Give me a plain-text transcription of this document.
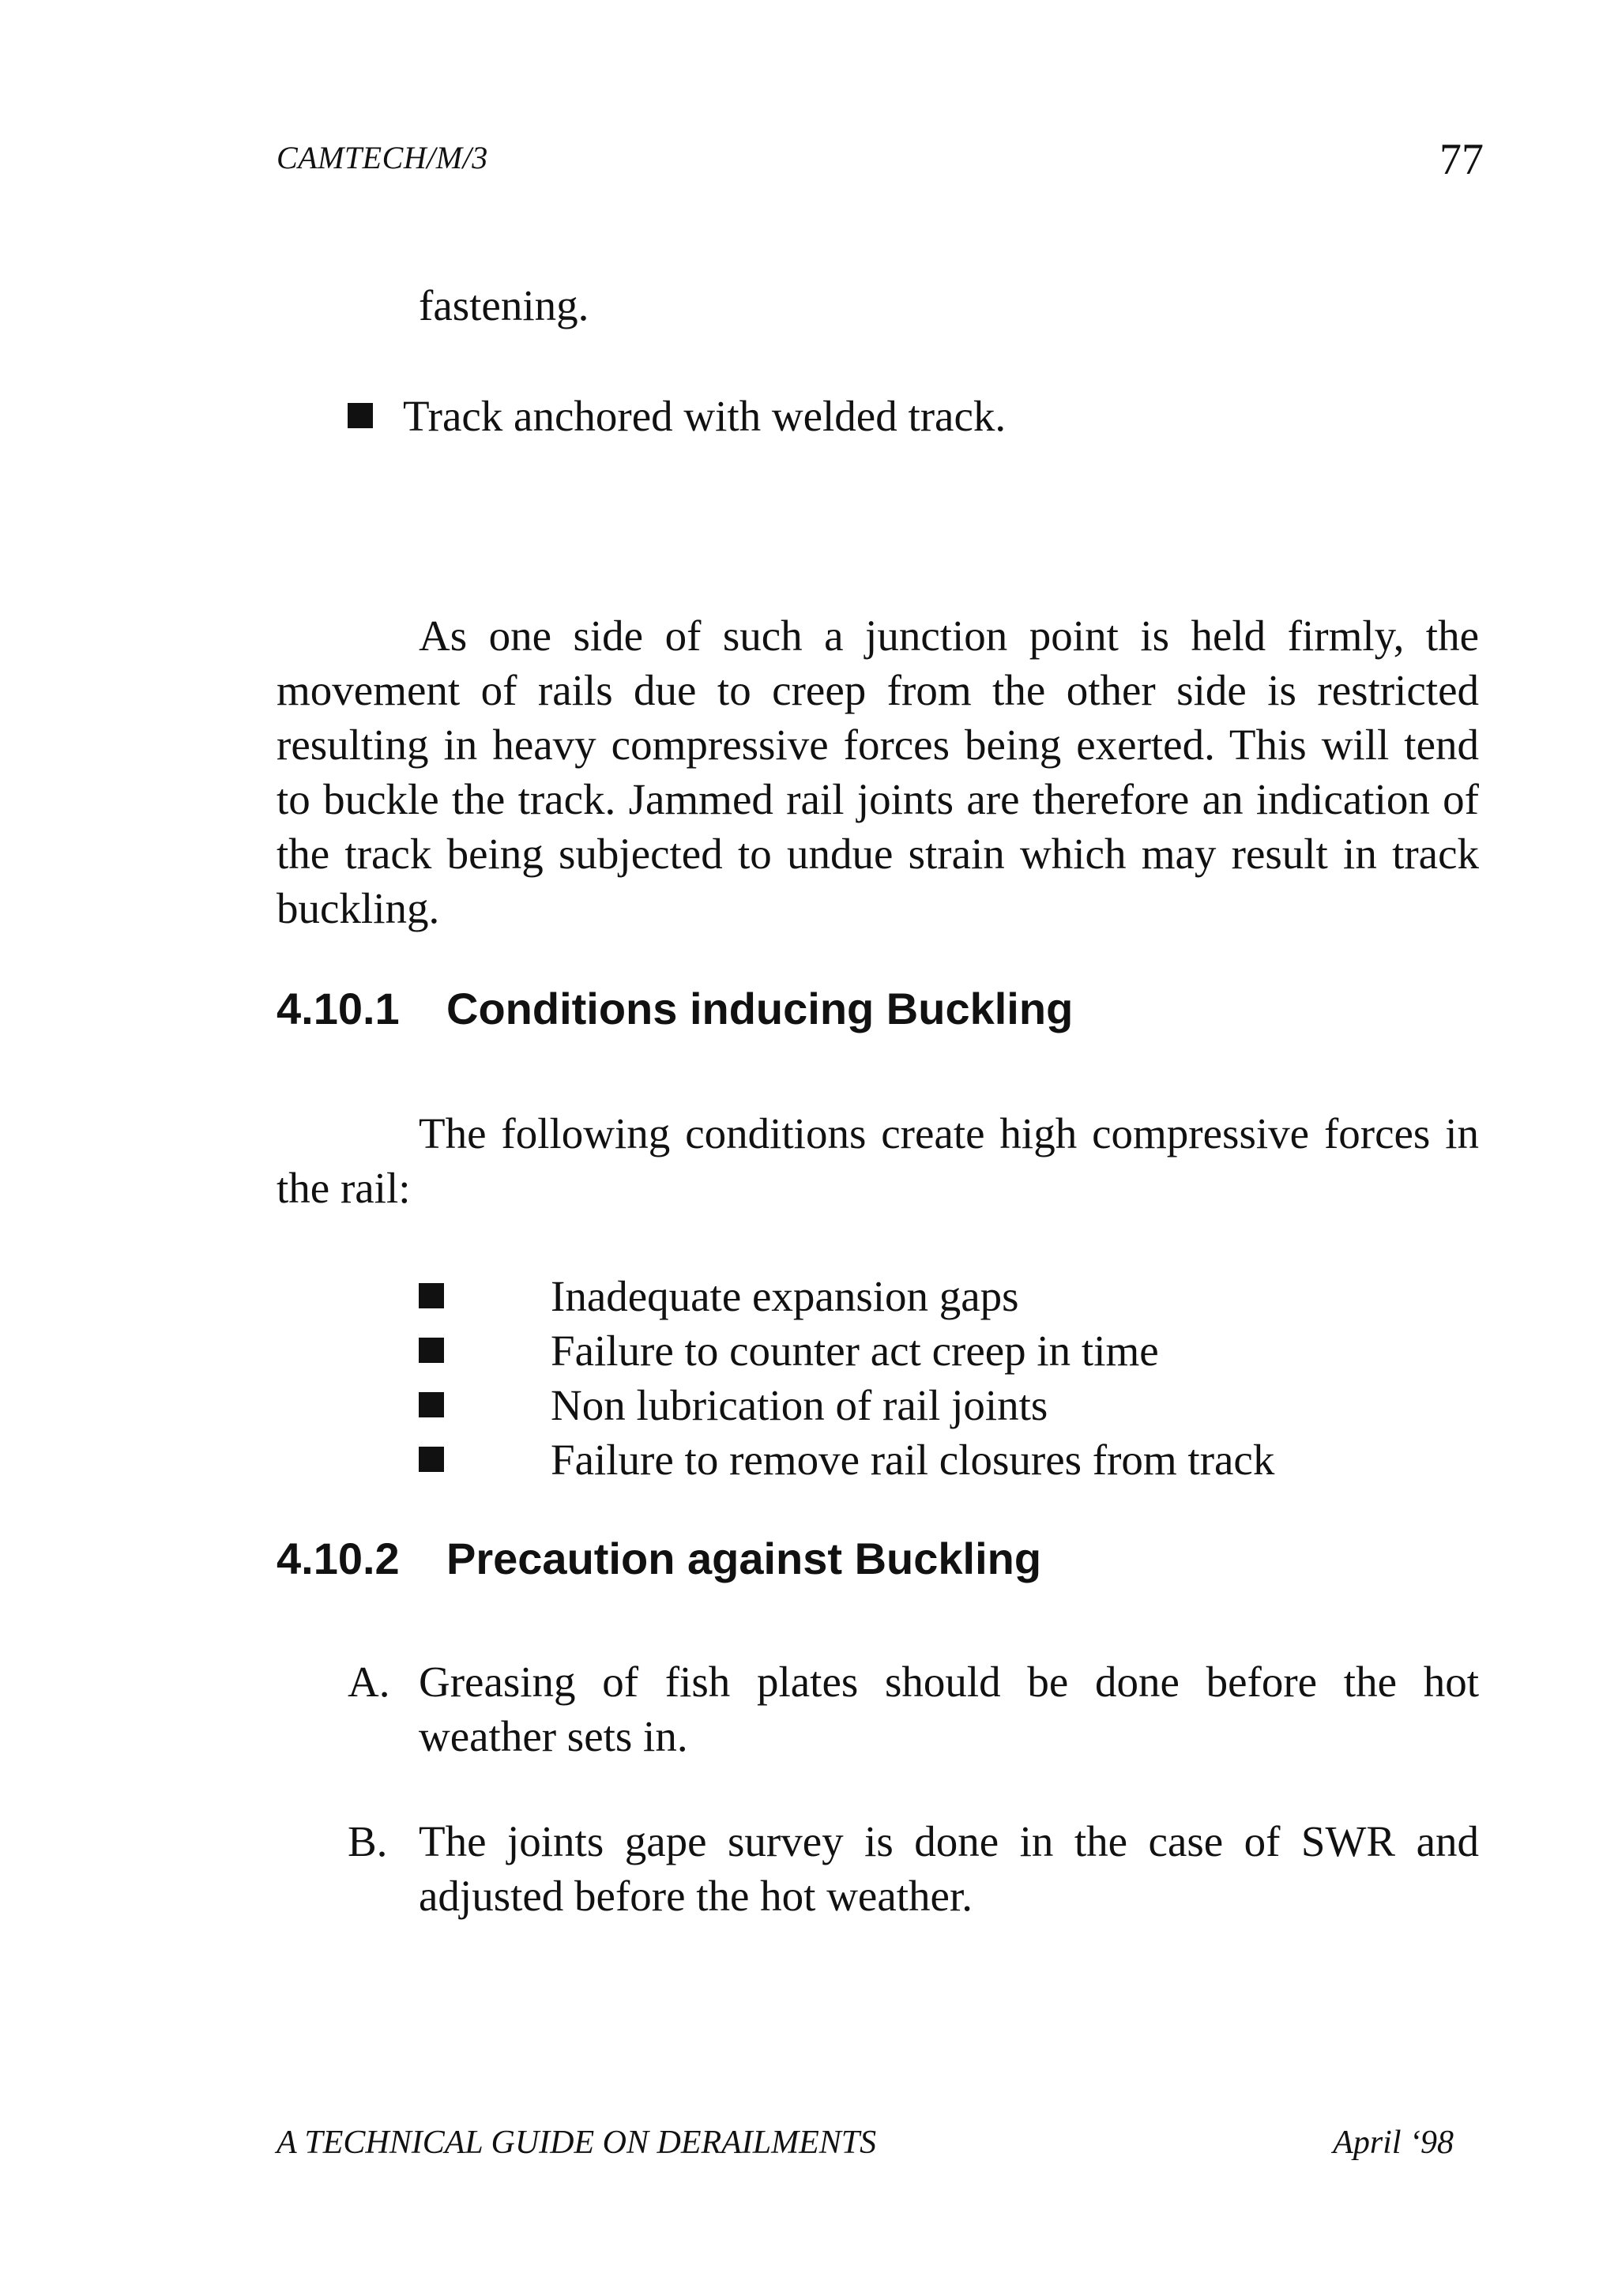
CAMTECH/M/3	77
fastening.
Track anchored with welded track.
As one side of such a junction point is held firmly, the movement of rails due to creep from the other side is restricted resulting in heavy compressive forces being exerted. This will tend to buckle the track. Jammed rail joints are therefore an indication of the track being subjected to undue strain which may result in track buckling.
4.10.1 Conditions inducing Buckling
The following conditions create high compressive forces in the rail:
Inadequate expansion gaps
Failure to counter act creep in time
Non lubrication of rail joints
Failure to remove rail closures from track
4.10.2 Precaution against Buckling
A. Greasing of fish plates should be done before the hot weather sets in.
B. The joints gape survey is done in the case of SWR and adjusted before the hot weather.
A TECHNICAL GUIDE ON DERAILMENTS	April ‘98
